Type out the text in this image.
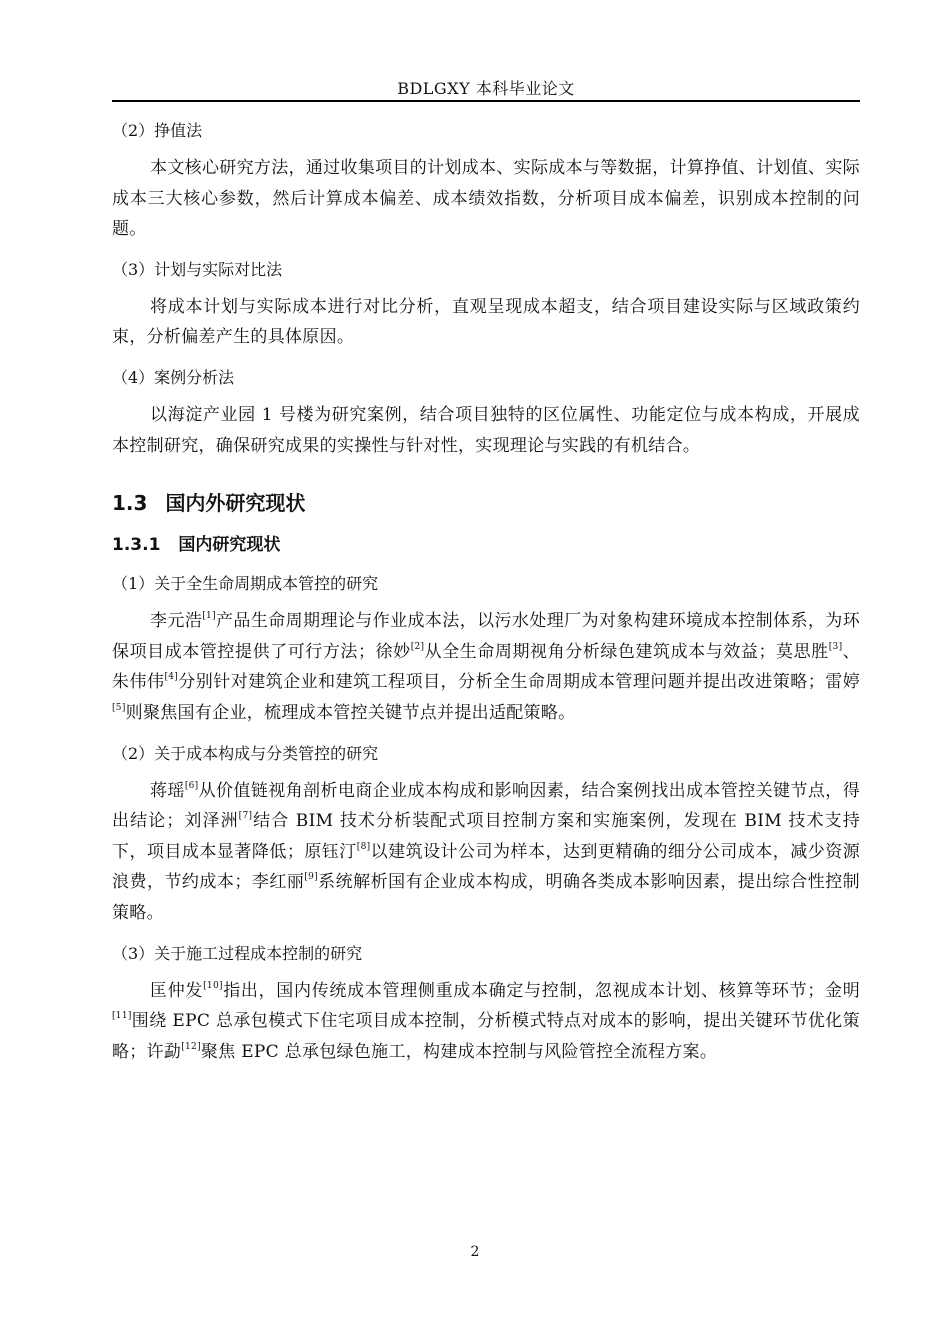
BDLGXY 本科毕业论文

（2）挣值法

本文核心研究方法，通过收集项目的计划成本、实际成本与等数据，计算挣值、计划值、实际成本三大核心参数，然后计算成本偏差、成本绩效指数，分析项目成本偏差，识别成本控制的问题。

（3）计划与实际对比法

将成本计划与实际成本进行对比分析，直观呈现成本超支，结合项目建设实际与区域政策约束，分析偏差产生的具体原因。

（4）案例分析法

以海淀产业园 1 号楼为研究案例，结合项目独特的区位属性、功能定位与成本构成，开展成本控制研究，确保研究成果的实操性与针对性，实现理论与实践的有机结合。

1.3 国内外研究现状
1.3.1 国内研究现状

（1）关于全生命周期成本管控的研究

李元浩[1]产品生命周期理论与作业成本法，以污水处理厂为对象构建环境成本控制体系，为环保项目成本管控提供了可行方法；徐妙[2]从全生命周期视角分析绿色建筑成本与效益；莫思胜[3]、朱伟伟[4]分别针对建筑企业和建筑工程项目，分析全生命周期成本管理问题并提出改进策略；雷婷[5]则聚焦国有企业，梳理成本管控关键节点并提出适配策略。

（2）关于成本构成与分类管控的研究

蒋瑶[6]从价值链视角剖析电商企业成本构成和影响因素，结合案例找出成本管控关键节点，得出结论；刘泽洲[7]结合 BIM 技术分析装配式项目控制方案和实施案例，发现在 BIM 技术支持下，项目成本显著降低；原钰汀[8]以建筑设计公司为样本，达到更精确的细分公司成本，减少资源浪费，节约成本；李红丽[9]系统解析国有企业成本构成，明确各类成本影响因素，提出综合性控制策略。

（3）关于施工过程成本控制的研究

匡仲发[10]指出，国内传统成本管理侧重成本确定与控制，忽视成本计划、核算等环节；金明[11]围绕 EPC 总承包模式下住宅项目成本控制，分析模式特点对成本的影响，提出关键环节优化策略；许勐[12]聚焦 EPC 总承包绿色施工，构建成本控制与风险管控全流程方案。

2
